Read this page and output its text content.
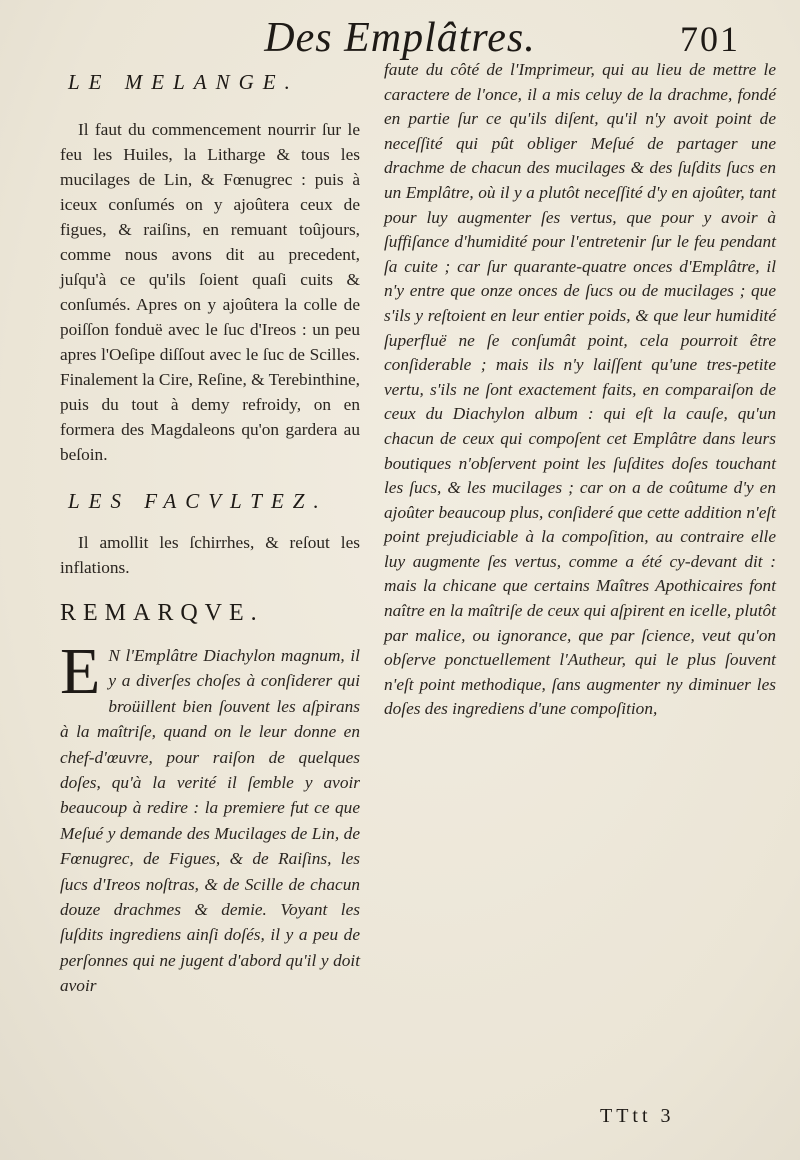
Des Emplâtres.	701
LE MELANGE.

Il faut du commencement nourrir ſur le feu les Huiles, la Litharge & tous les mucilages de Lin, & Fœnugrec : puis à iceux conſumés on y ajoûtera ceux de figues, & raiſins, en remuant toûjours, comme nous avons dit au precedent, juſqu'à ce qu'ils ſoient quaſi cuits & conſumés. Apres on y ajoûtera la colle de poiſſon fonduë avec le ſuc d'Ireos : un peu apres l'Oeſipe diſſout avec le ſuc de Scilles. Finalement la Cire, Reſine, & Terebinthine, puis du tout à demy refroidy, on en formera des Magdaleons qu'on gardera au beſoin.

LES FACVLTEZ.

Il amollit les ſchirrhes, & reſout les inflations.

REMARQVE.

E N l'Emplâtre Diachylon magnum, il y a diverſes choſes à conſiderer qui broüillent bien ſouvent les aſpirans à la maîtriſe, quand on le leur donne en chef-d'œuvre, pour raiſon de quelques doſes, qu'à la verité il ſemble y avoir beaucoup à redire : la premiere fut ce que Meſué y demande des Mucilages de Lin, de Fœnugrec, de Figues, & de Raiſins, les ſucs d'Ireos noſtras, & de Scille de chacun douze drachmes & demie. Voyant les ſuſdits ingrediens ainſi doſés, il y a peu de perſonnes qui ne jugent d'abord qu'il y doit avoir

faute du côté de l'Imprimeur, qui au lieu de mettre le caractere de l'once, il a mis celuy de la drachme, fondé en partie ſur ce qu'ils diſent, qu'il n'y avoit point de neceſſité qui pût obliger Meſué de partager une drachme de chacun des mucilages & des ſuſdits ſucs en un Emplâtre, où il y a plutôt neceſſité d'y en ajoûter, tant pour luy augmenter ſes vertus, que pour y avoir à ſuffiſance d'humidité pour l'entretenir ſur le feu pendant ſa cuite ; car ſur quarante-quatre onces d'Emplâtre, il n'y entre que onze onces de ſucs ou de mucilages ; que s'ils y reſtoient en leur entier poids, & que leur humidité ſuperfluë ne ſe conſumât point, cela pourroit être conſiderable ; mais ils n'y laiſſent qu'une tres-petite vertu, s'ils ne ſont exactement faits, en comparaiſon de ceux du Diachylon album : qui eſt la cauſe, qu'un chacun de ceux qui compoſent cet Emplâtre dans leurs boutiques n'obſervent point les ſuſdites doſes touchant les ſucs, & les mucilages ; car on a de coûtume d'y en ajoûter beaucoup plus, conſideré que cette addition n'eſt point prejudiciable à la compoſition, au contraire elle luy augmente ſes vertus, comme a été cy-devant dit : mais la chicane que certains Maîtres Apothicaires font naître en la maîtriſe de ceux qui aſpirent en icelle, plutôt par malice, ou ignorance, que par ſcience, veut qu'on obſerve ponctuellement l'Autheur, qui le plus ſouvent n'eſt point methodique, ſans augmenter ny diminuer les doſes des ingrediens d'une compoſition,

TTtt 3
